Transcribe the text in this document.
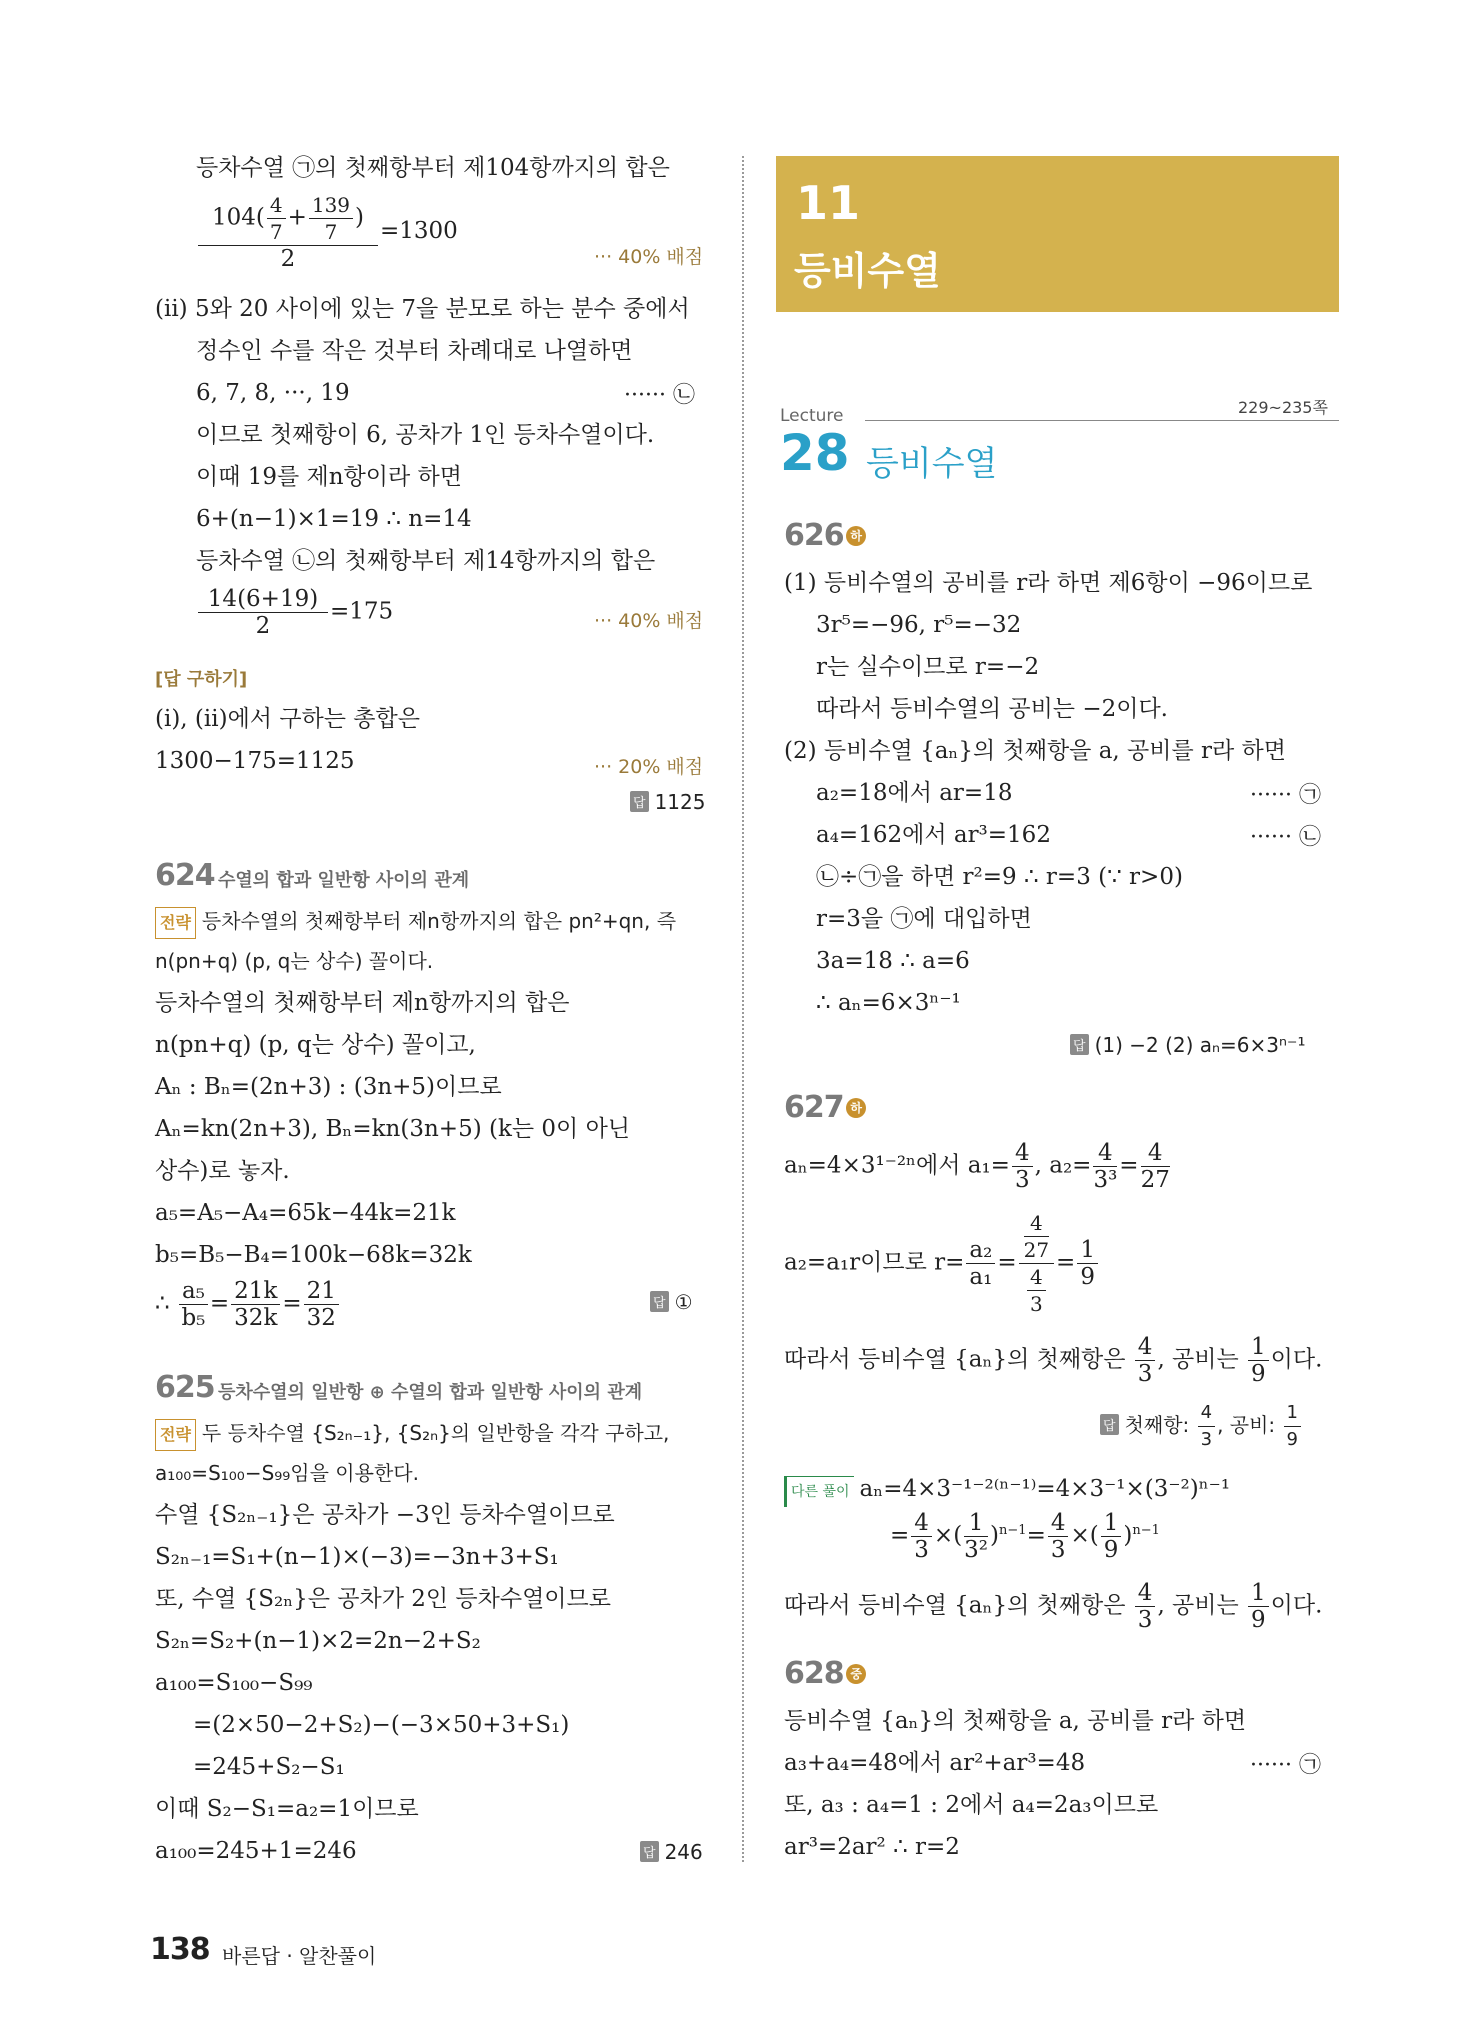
등차수열 ㉠의 첫째항부터 제104항까지의 합은
$\frac{104( \frac{4}{7} + \frac{139}{7} )}{2} =1300$
··· 40% 배점
(ⅱ) 5와 20 사이에 있는 7을 분모로 하는 분수 중에서
정수인 수를 작은 것부터 차례대로 나열하면
6, 7, 8, ···, 19	······ ㉡
이므로 첫째항이 6, 공차가 1인 등차수열이다.
이때 19를 제n항이라 하면
6+(n−1)×1=19 ∴ n=14
등차수열 ㉡의 첫째항부터 제14항까지의 합은
$\frac{14(6+19)}{2} =175$	··· 40% 배점
[답 구하기]
(ⅰ), (ⅱ)에서 구하는 총합은
1300−175=1125	··· 20% 배점
답 1125
624 수열의 합과 일반항 사이의 관계
전략 등차수열의 첫째항부터 제n항까지의 합은 pn²+qn, 즉
n(pn+q) (p, q는 상수) 꼴이다.
등차수열의 첫째항부터 제n항까지의 합은
n(pn+q) (p, q는 상수) 꼴이고,
Aₙ : Bₙ=(2n+3) : (3n+5)이므로
Aₙ=kn(2n+3), Bₙ=kn(3n+5) (k는 0이 아닌
상수)로 놓자.
a₅=A₅−A₄=65k−44k=21k
b₅=B₅−B₄=100k−68k=32k
∴ $\frac{\text{a₅}}{\text{b₅}} = \frac{21k}{32k} = \frac{21}{32}$	답 ①
625 등차수열의 일반항 ⊕ 수열의 합과 일반항 사이의 관계
전략 두 등차수열 {S₂ₙ₋₁}, {S₂ₙ}의 일반항을 각각 구하고,
a₁₀₀=S₁₀₀−S₉₉임을 이용한다.
수열 {S₂ₙ₋₁}은 공차가 −3인 등차수열이므로
S₂ₙ₋₁=S₁+(n−1)×(−3)=−3n+3+S₁
또, 수열 {S₂ₙ}은 공차가 2인 등차수열이므로
S₂ₙ=S₂+(n−1)×2=2n−2+S₂
a₁₀₀=S₁₀₀−S₉₉
=(2×50−2+S₂)−(−3×50+3+S₁)
=245+S₂−S₁
이때 S₂−S₁=a₂=1이므로
a₁₀₀=245+1=246	답 246
11
등비수열
Lecture	229~235쪽
28 등비수열
626 하
(1) 등비수열의 공비를 r라 하면 제6항이 −96이므로
3r⁵=−96, r⁵=−32
r는 실수이므로 r=−2
따라서 등비수열의 공비는 −2이다.
(2) 등비수열 {aₙ}의 첫째항을 a, 공비를 r라 하면
a₂=18에서 ar=18	······ ㉠
a₄=162에서 ar³=162	······ ㉡
㉡÷㉠을 하면 r²=9 ∴ r=3 (∵ r>0)
r=3을 ㉠에 대입하면
3a=18 ∴ a=6
∴ aₙ=6×3ⁿ⁻¹
답 (1) −2 (2) aₙ=6×3ⁿ⁻¹
627 하
aₙ=4×3¹⁻²ⁿ에서 $a_1= \frac{4}{3}$ , $a_2= \frac{4}{\text{3³}} = \frac{4}{27}$
a₂=a₁r이므로 $r= \frac{\text{a₂}}{\text{a₁}} = \frac{\frac{4}{27}}{\frac{4}{3}} = \frac{1}{9}$
따라서 등비수열 {aₙ}의 첫째항은 $\frac{4}{3}$ , 공비는 $\frac{1}{9}$ 이다.
답 첫째항: $\frac{4}{3}$ , 공비: $\frac{1}{9}$
다른 풀이 aₙ=4×3⁻¹⁻²⁽ⁿ⁻¹⁾=4×3⁻¹×(3⁻²)ⁿ⁻¹
= $\frac{4}{3}$ ×( $\frac{1}{\text{3²}} )^{n-1}= \frac{4}{3}$ ×( $\frac{1}{9} )^{n-1}$
따라서 등비수열 {aₙ}의 첫째항은 $\frac{4}{3}$ , 공비는 $\frac{1}{9}$ 이다.
628 중
등비수열 {aₙ}의 첫째항을 a, 공비를 r라 하면
a₃+a₄=48에서 ar²+ar³=48	······ ㉠
또, a₃ : a₄=1 : 2에서 a₄=2a₃이므로
ar³=2ar² ∴ r=2
138 바른답 · 알찬풀이
